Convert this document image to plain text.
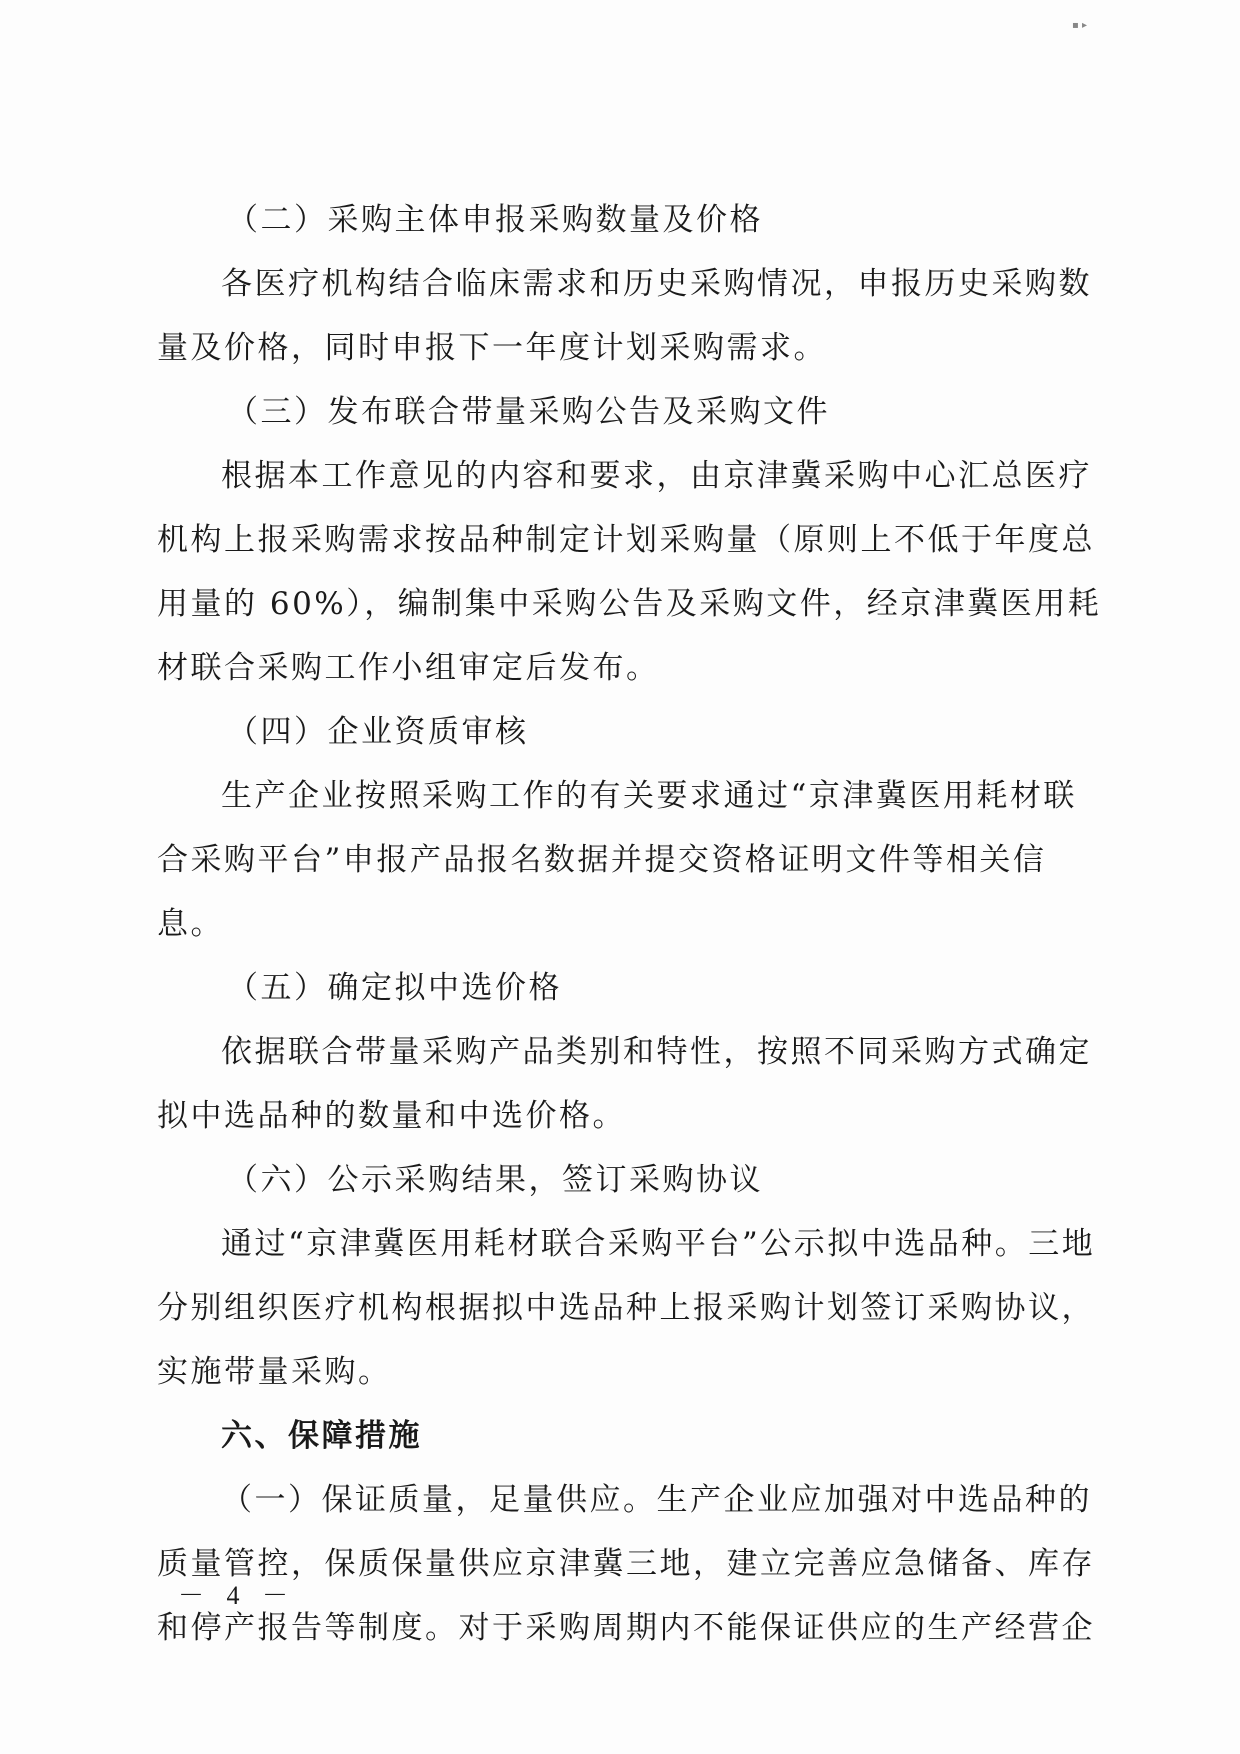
▪ ▸
（二）采购主体申报采购数量及价格
各医疗机构结合临床需求和历史采购情况，申报历史采购数
量及价格，同时申报下一年度计划采购需求。
（三）发布联合带量采购公告及采购文件
根据本工作意见的内容和要求，由京津冀采购中心汇总医疗
机构上报采购需求按品种制定计划采购量（原则上不低于年度总
用量的 60%），编制集中采购公告及采购文件，经京津冀医用耗
材联合采购工作小组审定后发布。
（四）企业资质审核
生产企业按照采购工作的有关要求通过“京津冀医用耗材联
合采购平台”申报产品报名数据并提交资格证明文件等相关信
息。
（五）确定拟中选价格
依据联合带量采购产品类别和特性，按照不同采购方式确定
拟中选品种的数量和中选价格。
（六）公示采购结果，签订采购协议
通过“京津冀医用耗材联合采购平台”公示拟中选品种。三地
分别组织医疗机构根据拟中选品种上报采购计划签订采购协议，
实施带量采购。
六、保障措施
（一）保证质量，足量供应。生产企业应加强对中选品种的
质量管控，保质保量供应京津冀三地，建立完善应急储备、库存
和停产报告等制度。对于采购周期内不能保证供应的生产经营企
－ 4 －
